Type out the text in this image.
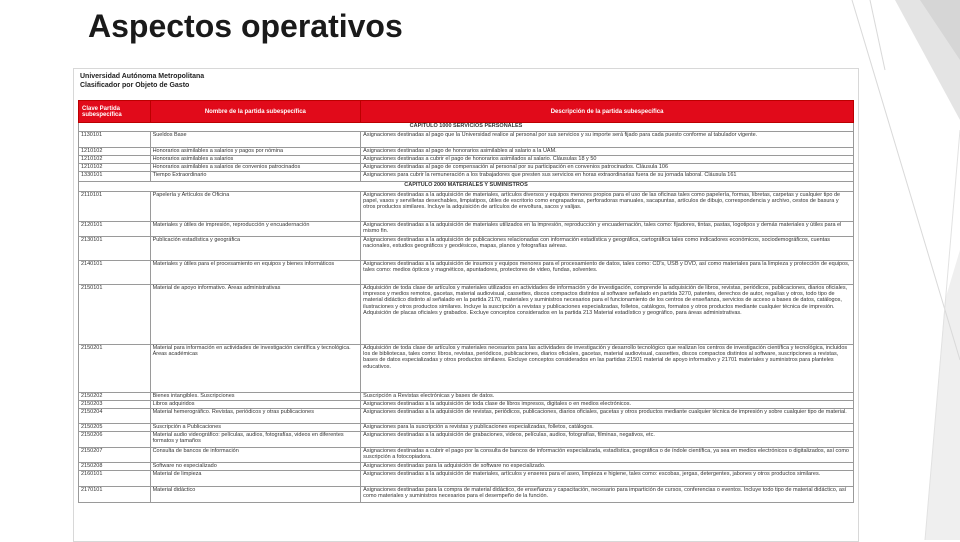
Aspectos operativos
Universidad Autónoma Metropolitana
Clasificador por Objeto de Gasto
Clave Partida subespecífica	Nombre de la partida subespecífica	Descripción de la partida subespecífica
CAPÍTULO 1000 SERVICIOS PERSONALES		
1130101	Sueldos Base	Asignaciones destinadas al pago que la Universidad realice al personal por sus servicios y su importe será fijado para cada puesto conforme al tabulador vigente.
1210102	Honorarios asimilables a salarios y pagos por nómina	Asignaciones destinadas al pago de honorarios asimilables al salario a la UAM.
1210102	Honorarios asimilables a salarios	Asignaciones destinadas a cubrir el pago de honorarios asimilados al salario. Cláusulas 18 y 50
1210102	Honorarios asimilables a salarios de convenios patrocinados	Asignaciones destinadas al pago de compensación al personal por su participación en convenios patrocinados. Cláusula 106
1330101	Tiempo Extraordinario	Asignaciones para cubrir la remuneración a los trabajadores que presten sus servicios en horas extraordinarias fuera de su jornada laboral. Cláusula 161
CAPÍTULO 2000 MATERIALES Y SUMINISTROS		
2110101	Papelería y Artículos de Oficina	Asignaciones destinadas a la adquisición de materiales, artículos diversos y equipos menores propios para el uso de las oficinas tales como papelería, formas, libretas, carpetas y cualquier tipo de papel, vasos y servilletas desechables, limpiatipos, útiles de escritorio como engrapadoras, perforadoras manuales, sacapuntas, artículos de dibujo, correspondencia y archivo, cestos de basura y otros productos similares. Incluye la adquisición de artículos de envoltura, sacos y valijas.
2120101	Materiales y útiles de impresión, reproducción y encuadernación	Asignaciones destinadas a la adquisición de materiales utilizados en la impresión, reproducción y encuadernación, tales como: fijadores, tintas, pastas, logotipos y demás materiales y útiles para el mismo fin.
2130101	Publicación estadística y geográfica	Asignaciones destinadas a la adquisición de publicaciones relacionadas con información estadística y geográfica, cartográfica tales como indicadores económicos, sociodemográficos, cuentas nacionales, estudios geográficos y geodésicos, mapas, planos y fotografías aéreas.
2140101	Materiales y útiles para el procesamiento en equipos y bienes informáticos	Asignaciones destinadas a la adquisición de insumos y equipos menores para el procesamiento de datos, tales como: CD's, USB y DVD, así como materiales para la limpieza y protección de equipos, tales como: medios ópticos y magnéticos, apuntadores, protectores de video, fundas, solventes.
2150101	Material de apoyo informativo. Áreas administrativas	Adquisición de toda clase de artículos y materiales utilizados en actividades de información y de investigación, comprende la adquisición de libros, revistas, periódicos, publicaciones, diarios oficiales, impresos y medios remotos, gacetas, material audiovisual, cassettes, discos compactos distintos al software señalado en partida 3270, patentes, derechos de autor, regalías y otros, todo tipo de material didáctico distinto al señalado en la partida 2170, materiales y suministros necesarios para el funcionamiento de los centros de enseñanza, servicios de acceso a bases de datos, catálogos, ilustraciones y otros productos similares. Incluye la suscripción a revistas y publicaciones especializadas, folletos, catálogos, formatos y otros productos mediante cualquier técnica de impresión. Adquisición de placas oficiales y grabados. Excluye conceptos considerados en la partida 213 Material estadístico y geográfico, para áreas administrativas.
2150201	Material para información en actividades de investigación científica y tecnológica. Áreas académicas	Adquisición de toda clase de artículos y materiales necesarios para las actividades de investigación y desarrollo tecnológico que realizan los centros de investigación científica y tecnológica, incluidos los de bibliotecas, tales como: libros, revistas, periódicos, publicaciones, diarios oficiales, gacetas, material audiovisual, cassettes, discos compactos distintos al software, suscripciones a revistas, bases de datos especializadas y otros productos similares. Excluye conceptos considerados en las partidas 21501 material de apoyo informativo y 21701 materiales y suministros para planteles educativos.
2150202	Bienes intangibles. Suscripciones	Suscripción a Revistas electrónicas y bases de datos.
2150203	Libros adquiridos	Asignaciones destinadas a la adquisición de toda clase de libros impresos, digitales o en medios electrónicos.
2150204	Material hemerográfico. Revistas, periódicos y otras publicaciones	Asignaciones destinadas a la adquisición de revistas, periódicos, publicaciones, diarios oficiales, gacetas y otros productos mediante cualquier técnica de impresión y sobre cualquier tipo de material.
2150205	Suscripción a Publicaciones	Asignaciones para la suscripción a revistas y publicaciones especializadas, folletos, catálogos.
2150206	Material audio videográfico: películas, audios, fotografías, videos en diferentes formatos y tamaños	Asignaciones destinadas a la adquisición de grabaciones, videos, películas, audios, fotografías, filminas, negativos, etc.
2150207	Consulta de bancos de información	Asignaciones destinadas a cubrir el pago por la consulta de bancos de información especializada, estadística, geográfica o de índole científica, ya sea en medios electrónicos o digitalizados, así como suscripción a fotocopiadora.
2150208	Software no especializado	Asignaciones destinadas para la adquisición de software no especializado.
2160101	Material de limpieza	Asignaciones destinadas a la adquisición de materiales, artículos y enseres para el aseo, limpieza e higiene, tales como: escobas, jergas, detergentes, jabones y otros productos similares.
2170101	Material didáctico	Asignaciones destinadas para la compra de material didáctico, de enseñanza y capacitación, necesario para impartición de cursos, conferencias o eventos. Incluye todo tipo de material didáctico, así como materiales y suministros necesarios para el desempeño de la función.
